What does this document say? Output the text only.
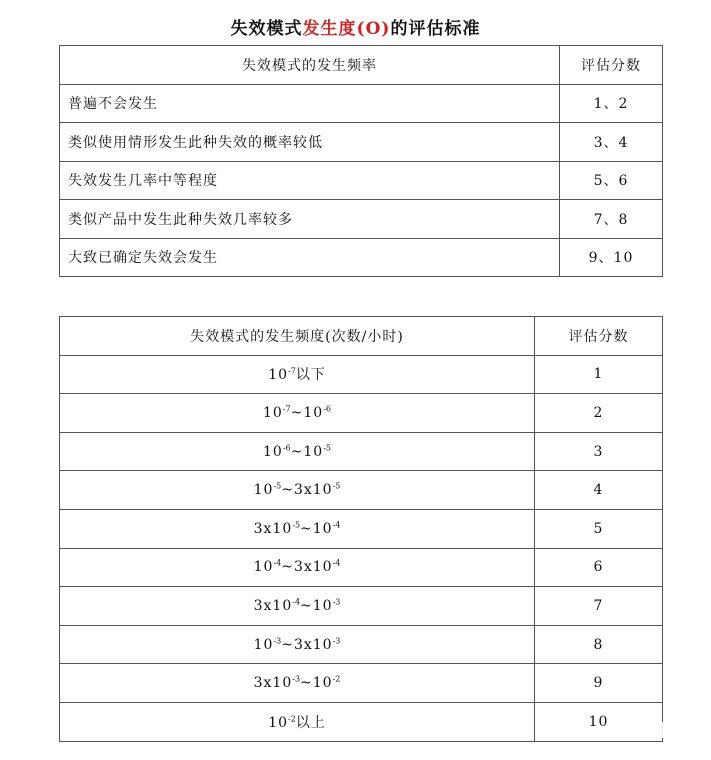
失效模式发生度(O)的评估标准
失效模式的发生频率	评估分数
普遍不会发生	1、2
类似使用情形发生此种失效的概率较低	3、4
失效发生几率中等程度	5、6
类似产品中发生此种失效几率较多	7、8
大致已确定失效会发生	9、10
失效模式的发生频度(次数/小时)	评估分数
$10^{-7}$以下	1
$10^{-7}\sim 10^{-6}$	2
$10^{-6}\sim 10^{-5}$	3
$10^{-5}\sim 3x10^{-5}$	4
$3x10^{-5}\sim 10^{-4}$	5
$10^{-4}\sim 3x10^{-4}$	6
$3x10^{-4}\sim 10^{-3}$	7
$10^{-3}\sim 3x10^{-3}$	8
$3x10^{-3}\sim 10^{-2}$	9
$10^{-2}$以上	10
